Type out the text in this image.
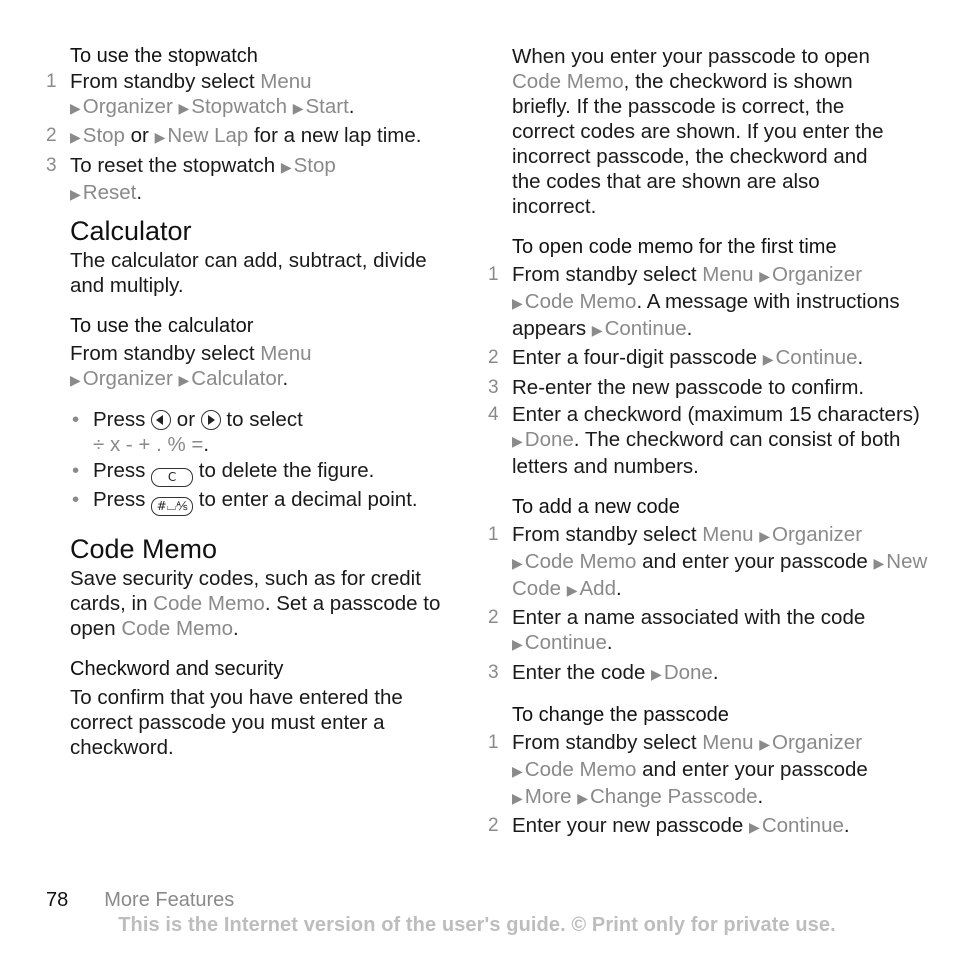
To use the stopwatch

1 From standby select Menu
▶Organizer ▶Stopwatch ▶Start.

2 ▶Stop or ▶New Lap for a new lap time.

3 To reset the stopwatch ▶Stop
▶Reset.

Calculator

The calculator can add, subtract, divide and multiply.

To use the calculator

From standby select Menu
▶Organizer ▶Calculator.

• Press  or  to select
÷ x - + . % =.

• Press C to delete the figure.

• Press #⌴⅍ to enter a decimal point.

Code Memo

Save security codes, such as for credit cards, in Code Memo. Set a passcode to open Code Memo.

Checkword and security

To confirm that you have entered the correct passcode you must enter a checkword.

When you enter your passcode to open Code Memo, the checkword is shown briefly. If the passcode is correct, the correct codes are shown. If you enter the incorrect passcode, the checkword and the codes that are shown are also incorrect.

To open code memo for the first time

1 From standby select Menu ▶Organizer
▶Code Memo. A message with instructions appears ▶Continue.

2 Enter a four-digit passcode ▶Continue.

3 Re-enter the new passcode to confirm.

4 Enter a checkword (maximum 15 characters) ▶Done. The checkword can consist of both letters and numbers.

To add a new code

1 From standby select Menu ▶Organizer
▶Code Memo and enter your passcode ▶New Code ▶Add.

2 Enter a name associated with the code ▶Continue.

3 Enter the code ▶Done.

To change the passcode

1 From standby select Menu ▶Organizer
▶Code Memo and enter your passcode ▶More ▶Change Passcode.

2 Enter your new passcode ▶Continue.

78 More Features
This is the Internet version of the user's guide. © Print only for private use.
